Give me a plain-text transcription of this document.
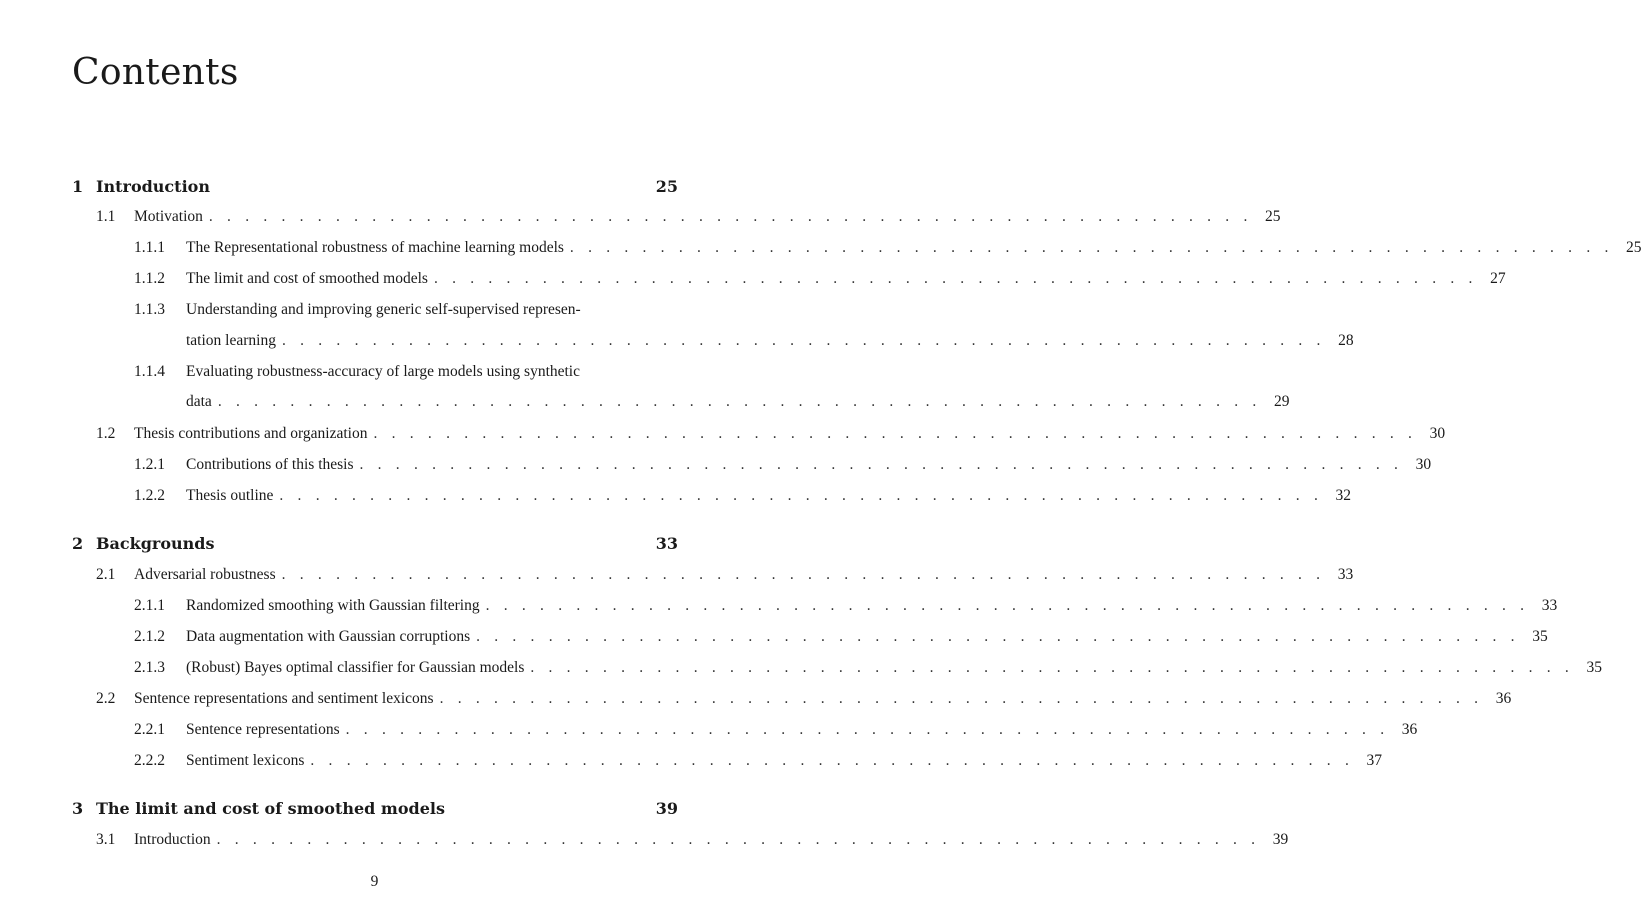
Contents
1 Introduction	25
1.1	Motivation . . . . . . . . . . . . . . . . . . . . . . . . . . . . . . . . . . . . . . . . . . . . . . . . . . . . . . . . . . 25
1.1.1	The Representational robustness of machine learning models . . . . . . . . . . . . . . . . . . . . . . . . . . . . . . . . . . . . . . . . . . . . . . . . . . . . . . . . . . 25
1.1.2	The limit and cost of smoothed models . . . . . . . . . . . . . . . . . . . . . . . . . . . . . . . . . . . . . . . . . . . . . . . . . . . . . . . . . . 27
1.1.3	Understanding and improving generic self-supervised represen-
tation learning . . . . . . . . . . . . . . . . . . . . . . . . . . . . . . . . . . . . . . . . . . . . . . . . . . . . . . . . . . 28
1.1.4	Evaluating robustness-accuracy of large models using synthetic
data . . . . . . . . . . . . . . . . . . . . . . . . . . . . . . . . . . . . . . . . . . . . . . . . . . . . . . . . . . 29
1.2	Thesis contributions and organization . . . . . . . . . . . . . . . . . . . . . . . . . . . . . . . . . . . . . . . . . . . . . . . . . . . . . . . . . . 30
1.2.1	Contributions of this thesis . . . . . . . . . . . . . . . . . . . . . . . . . . . . . . . . . . . . . . . . . . . . . . . . . . . . . . . . . . 30
1.2.2	Thesis outline . . . . . . . . . . . . . . . . . . . . . . . . . . . . . . . . . . . . . . . . . . . . . . . . . . . . . . . . . . 32
2 Backgrounds	33
2.1	Adversarial robustness . . . . . . . . . . . . . . . . . . . . . . . . . . . . . . . . . . . . . . . . . . . . . . . . . . . . . . . . . . 33
2.1.1	Randomized smoothing with Gaussian filtering . . . . . . . . . . . . . . . . . . . . . . . . . . . . . . . . . . . . . . . . . . . . . . . . . . . . . . . . . . 33
2.1.2	Data augmentation with Gaussian corruptions . . . . . . . . . . . . . . . . . . . . . . . . . . . . . . . . . . . . . . . . . . . . . . . . . . . . . . . . . . 35
2.1.3	(Robust) Bayes optimal classifier for Gaussian models . . . . . . . . . . . . . . . . . . . . . . . . . . . . . . . . . . . . . . . . . . . . . . . . . . . . . . . . . . 35
2.2	Sentence representations and sentiment lexicons . . . . . . . . . . . . . . . . . . . . . . . . . . . . . . . . . . . . . . . . . . . . . . . . . . . . . . . . . . 36
2.2.1	Sentence representations . . . . . . . . . . . . . . . . . . . . . . . . . . . . . . . . . . . . . . . . . . . . . . . . . . . . . . . . . . 36
2.2.2	Sentiment lexicons . . . . . . . . . . . . . . . . . . . . . . . . . . . . . . . . . . . . . . . . . . . . . . . . . . . . . . . . . . 37
3 The limit and cost of smoothed models	39
3.1	Introduction . . . . . . . . . . . . . . . . . . . . . . . . . . . . . . . . . . . . . . . . . . . . . . . . . . . . . . . . . . 39
9
